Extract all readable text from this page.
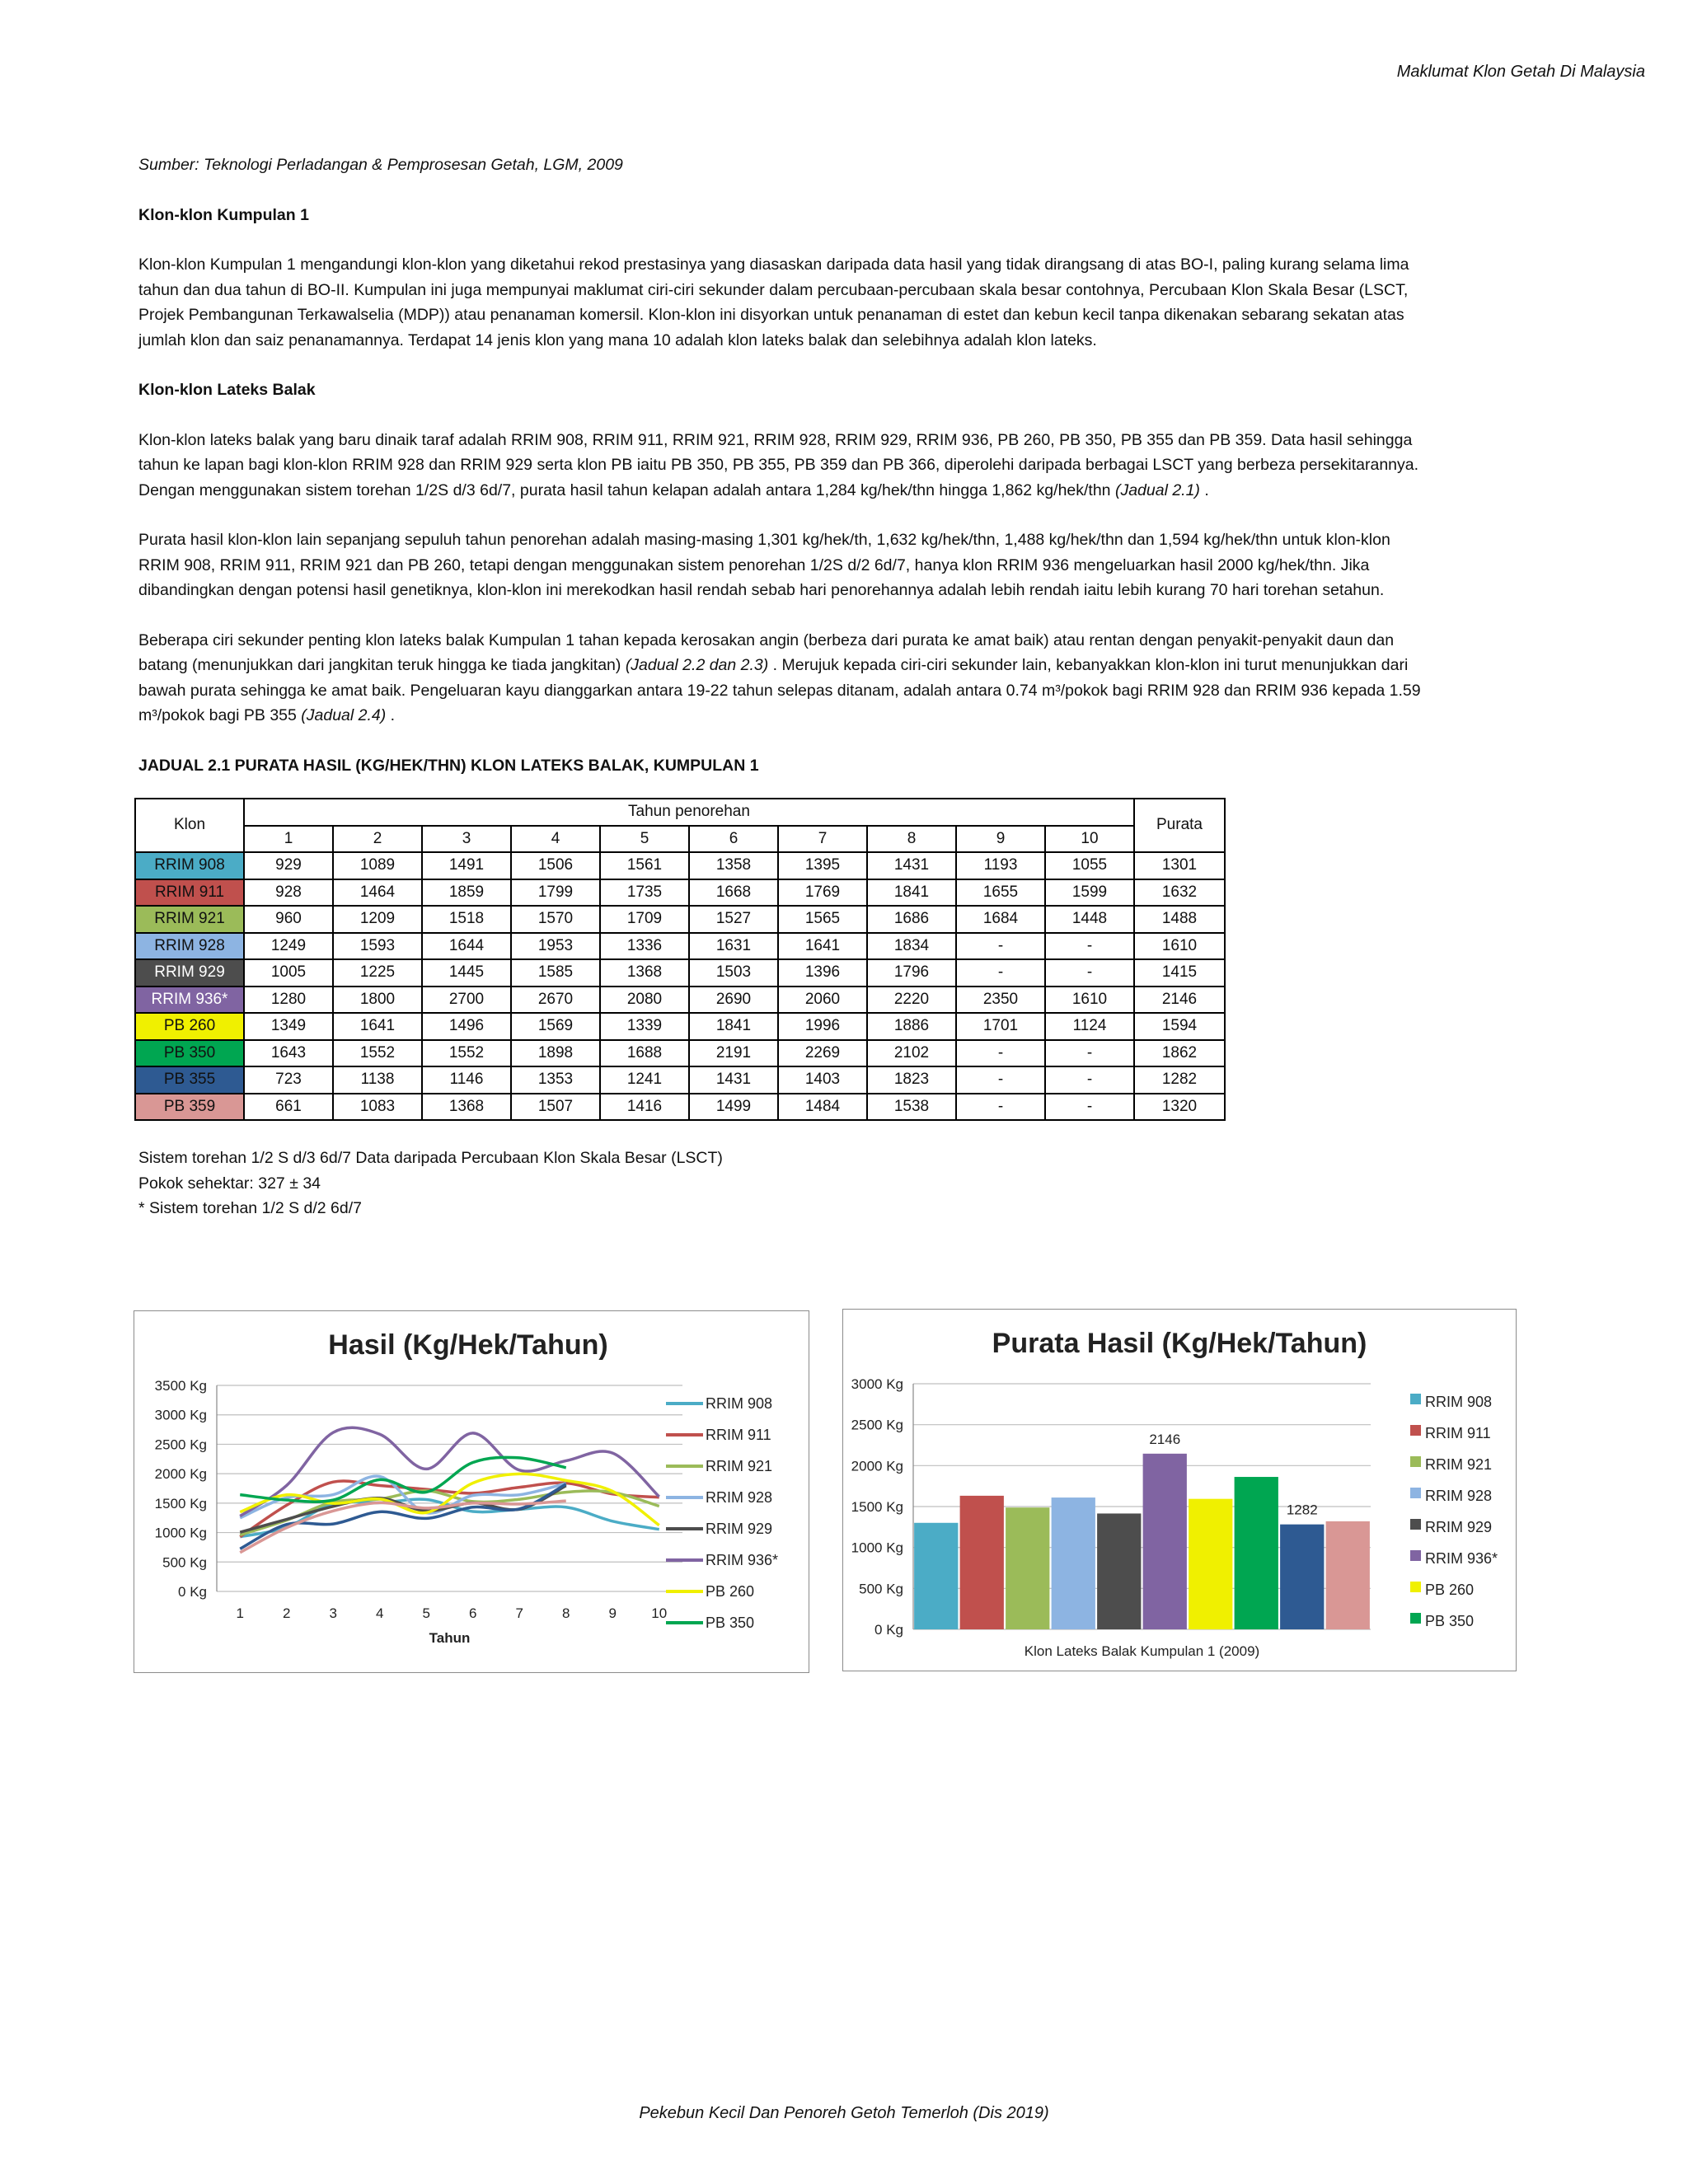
Maklumat Klon Getah Di Malaysia

Sumber: Teknologi Perladangan & Pemprosesan Getah, LGM, 2009

Klon-klon Kumpulan 1

Klon-klon Kumpulan 1 mengandungi klon-klon yang diketahui rekod prestasinya yang diasaskan daripada data hasil yang tidak dirangsang di atas BO-I, paling kurang selama lima tahun dan dua tahun di BO-II. Kumpulan ini juga mempunyai maklumat ciri-ciri sekunder dalam percubaan-percubaan skala besar contohnya, Percubaan Klon Skala Besar (LSCT, Projek Pembangunan Terkawalselia (MDP)) atau penanaman komersil. Klon-klon ini disyorkan untuk penanaman di estet dan kebun kecil tanpa dikenakan sebarang sekatan atas jumlah klon dan saiz penanamannya. Terdapat 14 jenis klon yang mana 10 adalah klon lateks balak dan selebihnya adalah klon lateks.

Klon-klon Lateks Balak

Klon-klon lateks balak yang baru dinaik taraf adalah RRIM 908, RRIM 911, RRIM 921, RRIM 928, RRIM 929, RRIM 936, PB 260, PB 350, PB 355 dan PB 359. Data hasil sehingga tahun ke lapan bagi klon-klon RRIM 928 dan RRIM 929 serta klon PB iaitu PB 350, PB 355, PB 359 dan PB 366, diperolehi daripada berbagai LSCT yang berbeza persekitarannya. Dengan menggunakan sistem torehan 1/2S d/3 6d/7, purata hasil tahun kelapan adalah antara 1,284 kg/hek/thn hingga 1,862 kg/hek/thn (Jadual 2.1) .

Purata hasil klon-klon lain sepanjang sepuluh tahun penorehan adalah masing-masing 1,301 kg/hek/th, 1,632 kg/hek/thn, 1,488 kg/hek/thn dan 1,594 kg/hek/thn untuk klon-klon RRIM 908, RRIM 911, RRIM 921 dan PB 260, tetapi dengan menggunakan sistem penorehan 1/2S d/2 6d/7, hanya klon RRIM 936 mengeluarkan hasil 2000 kg/hek/thn. Jika dibandingkan dengan potensi hasil genetiknya, klon-klon ini merekodkan hasil rendah sebab hari penorehannya adalah lebih rendah iaitu lebih kurang 70 hari torehan setahun.

Beberapa ciri sekunder penting klon lateks balak Kumpulan 1 tahan kepada kerosakan angin (berbeza dari purata ke amat baik) atau rentan dengan penyakit-penyakit daun dan batang (menunjukkan dari jangkitan teruk hingga ke tiada jangkitan) (Jadual 2.2 dan 2.3) . Merujuk kepada ciri-ciri sekunder lain, kebanyakkan klon-klon ini turut menunjukkan dari bawah purata sehingga ke amat baik. Pengeluaran kayu dianggarkan antara 19-22 tahun selepas ditanam, adalah antara 0.74 m³/pokok bagi RRIM 928 dan RRIM 936 kepada 1.59 m³/pokok bagi PB 355 (Jadual 2.4) .

JADUAL 2.1 PURATA HASIL (KG/HEK/THN) KLON LATEKS BALAK, KUMPULAN 1
Klon	Tahun penorehan										Purata
	1	2	3	4	5	6	7	8	9	10	
RRIM 908	929	1089	1491	1506	1561	1358	1395	1431	1193	1055	1301
RRIM 911	928	1464	1859	1799	1735	1668	1769	1841	1655	1599	1632
RRIM 921	960	1209	1518	1570	1709	1527	1565	1686	1684	1448	1488
RRIM 928	1249	1593	1644	1953	1336	1631	1641	1834	-	-	1610
RRIM 929	1005	1225	1445	1585	1368	1503	1396	1796	-	-	1415
RRIM 936*	1280	1800	2700	2670	2080	2690	2060	2220	2350	1610	2146
PB 260	1349	1641	1496	1569	1339	1841	1996	1886	1701	1124	1594
PB 350	1643	1552	1552	1898	1688	2191	2269	2102	-	-	1862
PB 355	723	1138	1146	1353	1241	1431	1403	1823	-	-	1282
PB 359	661	1083	1368	1507	1416	1499	1484	1538	-	-	1320
Sistem torehan 1/2 S d/3 6d/7 Data daripada Percubaan Klon Skala Besar (LSCT)
Pokok sehektar: 327 ± 34
* Sistem torehan 1/2 S d/2 6d/7
Hasil (Kg/Hek/Tahun)
0 Kg
500 Kg
1000 Kg
1500 Kg
2000 Kg
2500 Kg
3000 Kg
3500 Kg
1	2	3	4	5	6	7	8	9 10
Tahun
RRIM 908
RRIM 911
RRIM 921
RRIM 928
RRIM 929
RRIM 936*
PB 260
PB 350
Purata Hasil (Kg/Hek/Tahun)
0 Kg
500 Kg
1000 Kg
1500 Kg
2000 Kg
2500 Kg
3000 Kg
2146
1282
Klon Lateks Balak Kumpulan 1 (2009)
RRIM 908
RRIM 911
RRIM 921
RRIM 928
RRIM 929
RRIM 936*
PB 260
PB 350
Pekebun Kecil Dan Penoreh Getoh Temerloh (Dis 2019)
